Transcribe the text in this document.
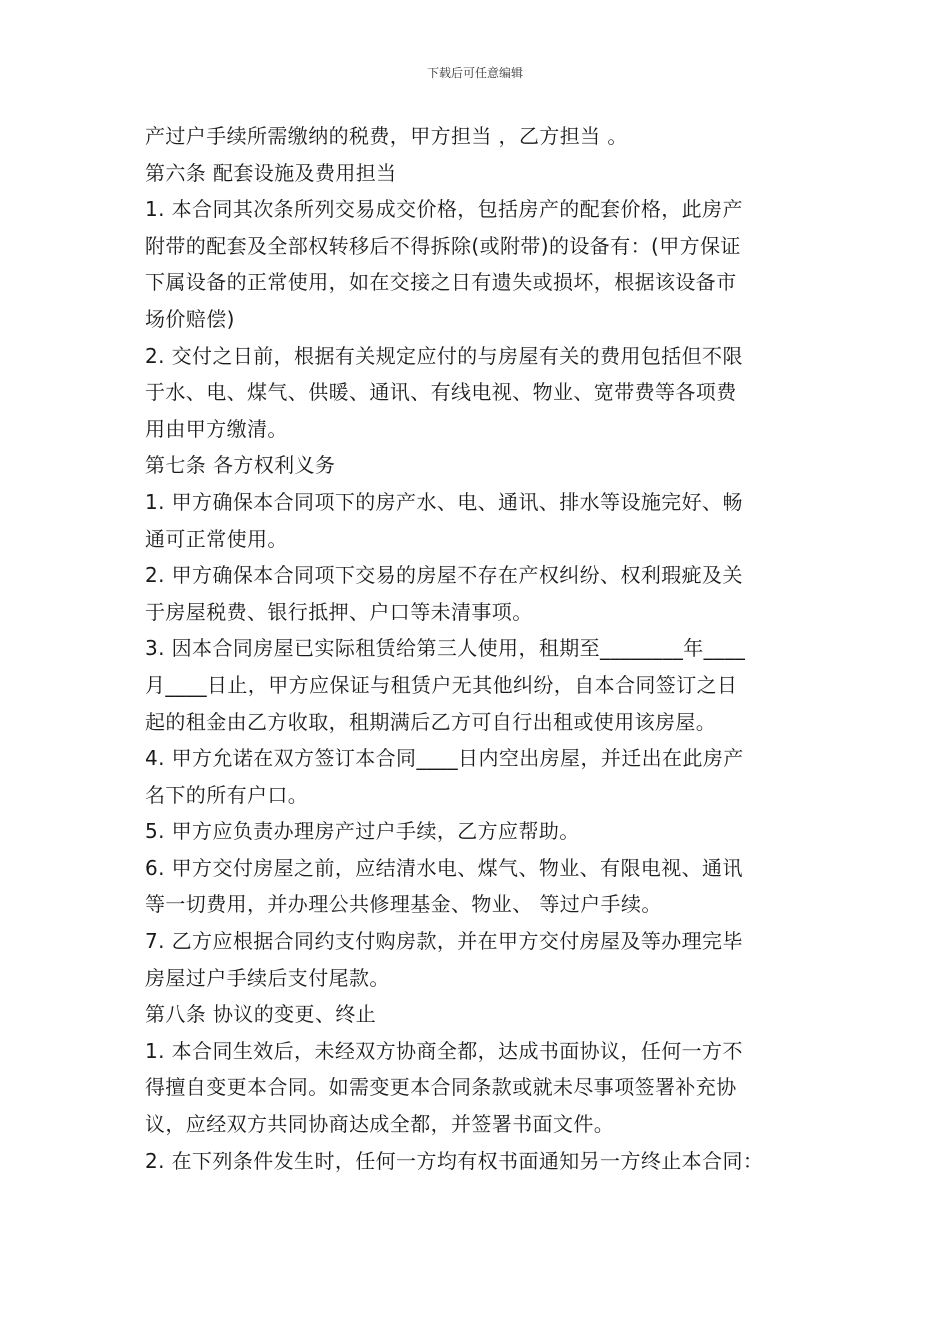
下载后可任意编辑
产过户手续所需缴纳的税费，甲方担当 ，乙方担当 。
第六条 配套设施及费用担当
1. 本合同其次条所列交易成交价格，包括房产的配套价格，此房产
附带的配套及全部权转移后不得拆除(或附带)的设备有：(甲方保证
下属设备的正常使用，如在交接之日有遗失或损坏，根据该设备市
场价赔偿)
2. 交付之日前，根据有关规定应付的与房屋有关的费用包括但不限
于水、电、煤气、供暖、通讯、有线电视、物业、宽带费等各项费
用由甲方缴清。
第七条 各方权利义务
1. 甲方确保本合同项下的房产水、电、通讯、排水等设施完好、畅
通可正常使用。
2. 甲方确保本合同项下交易的房屋不存在产权纠纷、权利瑕疵及关
于房屋税费、银行抵押、户口等未清事项。
3. 因本合同房屋已实际租赁给第三人使用，租期至________年____
月____日止，甲方应保证与租赁户无其他纠纷，自本合同签订之日
起的租金由乙方收取，租期满后乙方可自行出租或使用该房屋。
4. 甲方允诺在双方签订本合同____日内空出房屋，并迁出在此房产
名下的所有户口。
5. 甲方应负责办理房产过户手续，乙方应帮助。
6. 甲方交付房屋之前，应结清水电、煤气、物业、有限电视、通讯
等一切费用，并办理公共修理基金、物业、 等过户手续。
7. 乙方应根据合同约支付购房款，并在甲方交付房屋及等办理完毕
房屋过户手续后支付尾款。
第八条 协议的变更、终止
1. 本合同生效后，未经双方协商全都，达成书面协议，任何一方不
得擅自变更本合同。如需变更本合同条款或就未尽事项签署补充协
议，应经双方共同协商达成全都，并签署书面文件。
2. 在下列条件发生时，任何一方均有权书面通知另一方终止本合同：
